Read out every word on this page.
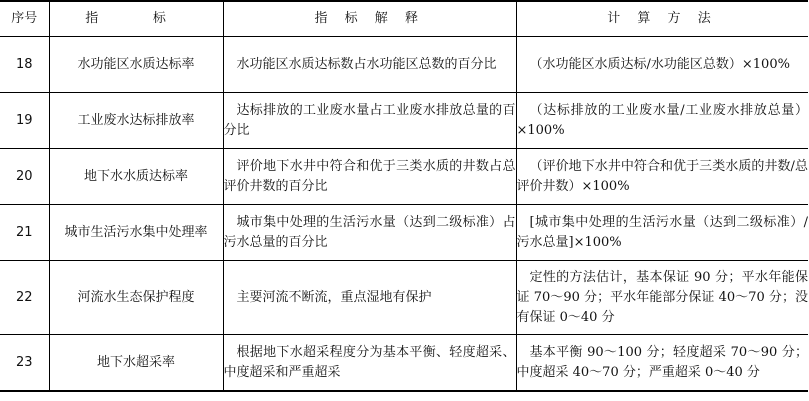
序号	指　标	指 标 解 释	计 算 方 法
18	水功能区水质达标率	水功能区水质达标数占水功能区总数的百分比	（水功能区水质达标/水功能区总数）×100%
19	工业废水达标排放率	达标排放的工业废水量占工业废水排放总量的百分比	（达标排放的工业废水量/工业废水排放总量）×100%
20	地下水水质达标率	评价地下水井中符合和优于三类水质的井数占总评价井数的百分比	（评价地下水井中符合和优于三类水质的井数/总评价井数）×100%
21	城市生活污水集中处理率	城市集中处理的生活污水量（达到二级标准）占污水总量的百分比	[城市集中处理的生活污水量（达到二级标准）/污水总量]×100%
22	河流水生态保护程度	主要河流不断流，重点湿地有保护	定性的方法估计，基本保证 90 分；平水年能保证 70～90 分；平水年能部分保证 40～70 分；没有保证 0～40 分
23	地下水超采率	根据地下水超采程度分为基本平衡、轻度超采、中度超采和严重超采	基本平衡 90～100 分；轻度超采 70～90 分；中度超采 40～70 分；严重超采 0～40 分
